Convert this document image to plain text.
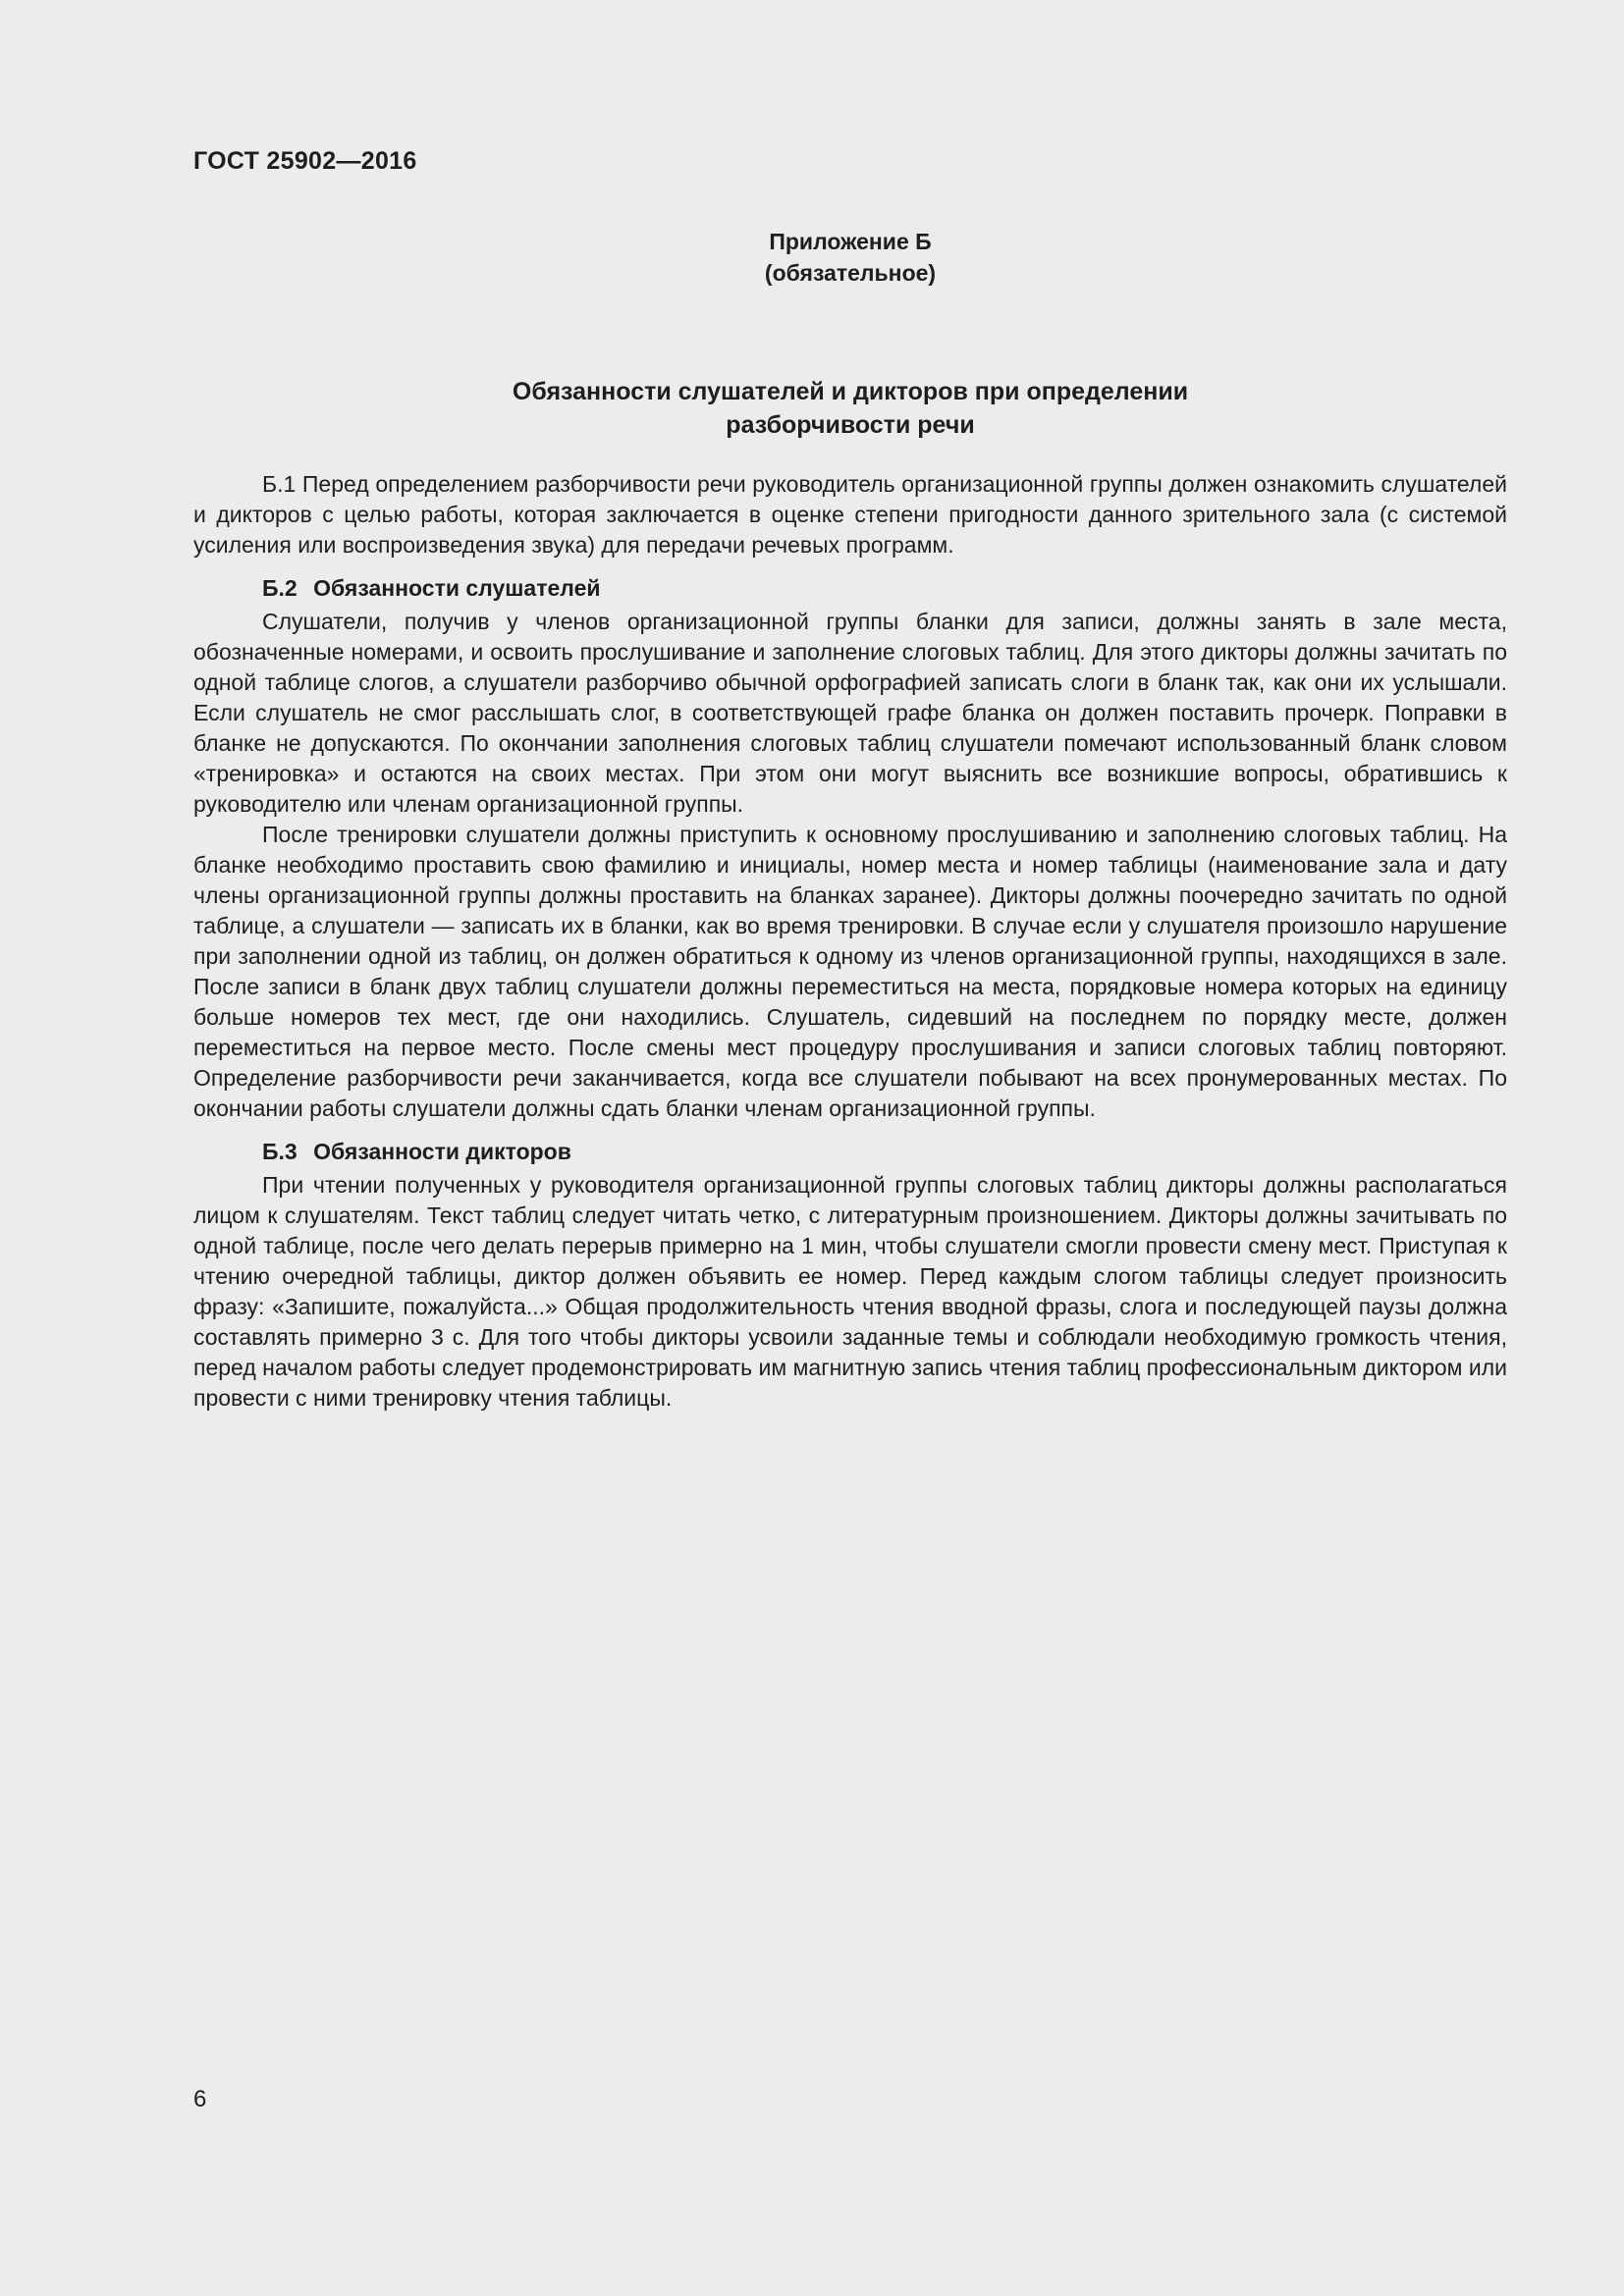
ГОСТ 25902—2016
Приложение Б
(обязательное)
Обязанности слушателей и дикторов при определении
разборчивости речи

Б.1 Перед определением разборчивости речи руководитель организационной группы должен ознакомить слушателей и дикторов с целью работы, которая заключается в оценке степени пригодности данного зрительного зала (с системой усиления или воспроизведения звука) для передачи речевых программ.

Б.2 Обязанности слушателей

Слушатели, получив у членов организационной группы бланки для записи, должны занять в зале места, обозначенные номерами, и освоить прослушивание и заполнение слоговых таблиц. Для этого дикторы должны зачитать по одной таблице слогов, а слушатели разборчиво обычной орфографией записать слоги в бланк так, как они их услышали. Если слушатель не смог расслышать слог, в соответствующей графе бланка он должен поставить прочерк. Поправки в бланке не допускаются. По окончании заполнения слоговых таблиц слушатели помечают использованный бланк словом «тренировка» и остаются на своих местах. При этом они могут выяснить все возникшие вопросы, обратившись к руководителю или членам организационной группы.

После тренировки слушатели должны приступить к основному прослушиванию и заполнению слоговых таблиц. На бланке необходимо проставить свою фамилию и инициалы, номер места и номер таблицы (наименование зала и дату члены организационной группы должны проставить на бланках заранее). Дикторы должны поочередно зачитать по одной таблице, а слушатели — записать их в бланки, как во время тренировки. В случае если у слушателя произошло нарушение при заполнении одной из таблиц, он должен обратиться к одному из членов организационной группы, находящихся в зале. После записи в бланк двух таблиц слушатели должны переместиться на места, порядковые номера которых на единицу больше номеров тех мест, где они находились. Слушатель, сидевший на последнем по порядку месте, должен переместиться на первое место. После смены мест процедуру прослушивания и записи слоговых таблиц повторяют. Определение разборчивости речи заканчивается, когда все слушатели побывают на всех пронумерованных местах. По окончании работы слушатели должны сдать бланки членам организационной группы.

Б.3 Обязанности дикторов

При чтении полученных у руководителя организационной группы слоговых таблиц дикторы должны располагаться лицом к слушателям. Текст таблиц следует читать четко, с литературным произношением. Дикторы должны зачитывать по одной таблице, после чего делать перерыв примерно на 1 мин, чтобы слушатели смогли провести смену мест. Приступая к чтению очередной таблицы, диктор должен объявить ее номер. Перед каждым слогом таблицы следует произносить фразу: «Запишите, пожалуйста...» Общая продолжительность чтения вводной фразы, слога и последующей паузы должна составлять примерно 3 с. Для того чтобы дикторы усвоили заданные темы и соблюдали необходимую громкость чтения, перед началом работы следует продемонстрировать им магнитную запись чтения таблиц профессиональным диктором или провести с ними тренировку чтения таблицы.

6
